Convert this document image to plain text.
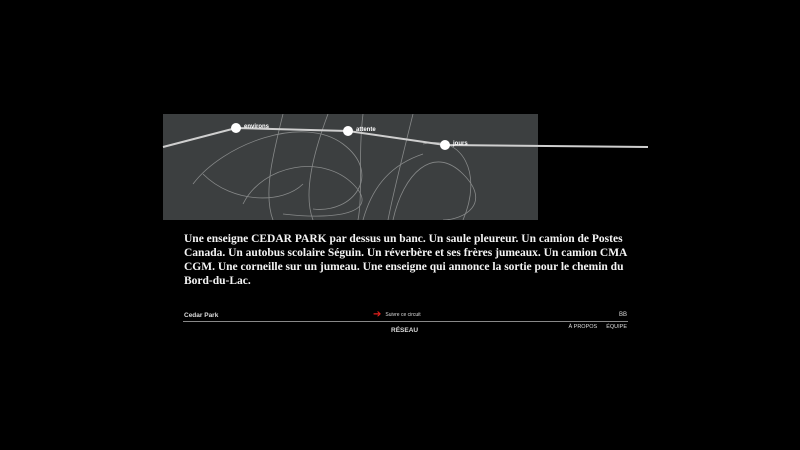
environs	attente
jours
Une enseigne CEDAR PARK par dessus un banc. Un saule pleureur. Un camion de Postes Canada. Un autobus scolaire Séguin. Un réverbère et ses frères jumeaux. Un camion CMA CGM. Une corneille sur un jumeau. Une enseigne qui annonce la sortie pour le chemin du Bord-du-Lac.
Cedar Park	➔ Suivre ce circuit	BB
RÉSEAU	À PROPOS ÉQUIPE
